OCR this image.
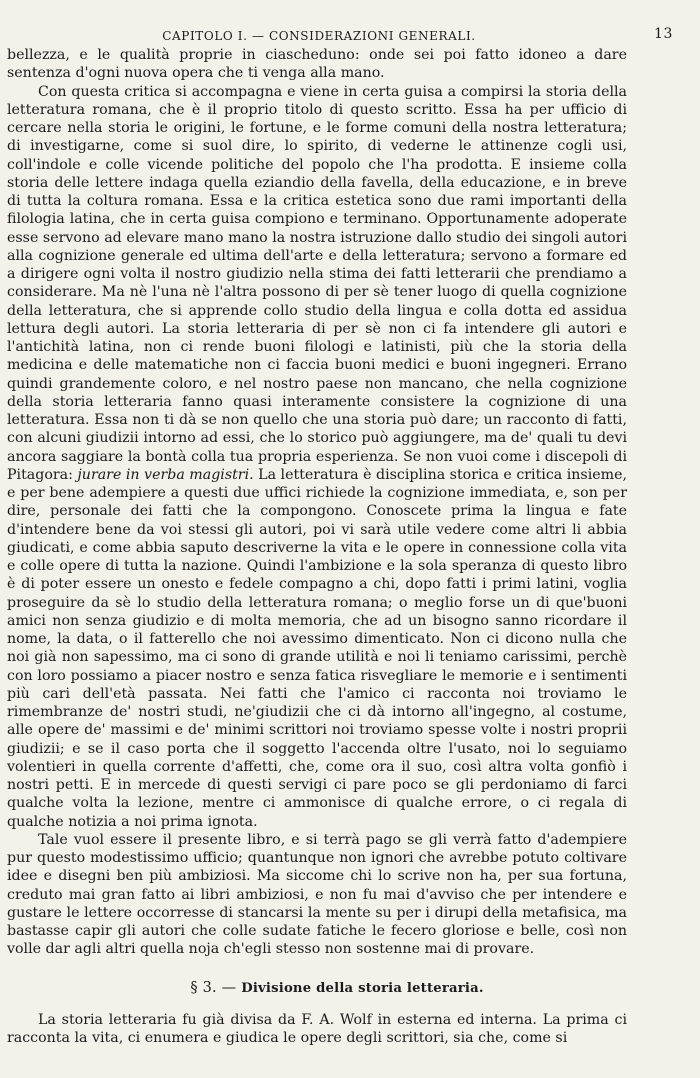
CAPITOLO I. — CONSIDERAZIONI GENERALI.	13

bellezza, e le qualità proprie in ciascheduno: onde sei poi fatto idoneo a dare sentenza d'ogni nuova opera che ti venga alla mano.

Con questa critica si accompagna e viene in certa guisa a compirsi la storia della letteratura romana, che è il proprio titolo di questo scritto. Essa ha per ufficio di cercare nella storia le origini, le fortune, e le forme comuni della nostra letteratura; di investigarne, come si suol dire, lo spirito, di vederne le attinenze cogli usi, coll'indole e colle vicende politiche del popolo che l'ha prodotta. E insieme colla storia delle lettere indaga quella eziandio della favella, della educazione, e in breve di tutta la coltura romana. Essa e la critica estetica sono due rami importanti della filologia latina, che in certa guisa compiono e terminano. Opportunamente adoperate esse servono ad elevare mano mano la nostra istruzione dallo studio dei singoli autori alla cognizione generale ed ultima dell'arte e della letteratura; servono a formare ed a dirigere ogni volta il nostro giudizio nella stima dei fatti letterarii che prendiamo a considerare. Ma nè l'una nè l'altra possono di per sè tener luogo di quella cognizione della letteratura, che si apprende collo studio della lingua e colla dotta ed assidua lettura degli autori. La storia letteraria di per sè non ci fa intendere gli autori e l'antichità latina, non ci rende buoni filologi e latinisti, più che la storia della medicina e delle matematiche non ci faccia buoni medici e buoni ingegneri. Errano quindi grandemente coloro, e nel nostro paese non mancano, che nella cognizione della storia letteraria fanno quasi interamente consistere la cognizione di una letteratura. Essa non ti dà se non quello che una storia può dare; un racconto di fatti, con alcuni giudizii intorno ad essi, che lo storico può aggiungere, ma de' quali tu devi ancora saggiare la bontà colla tua propria esperienza. Se non vuoi come i discepoli di Pitagora: jurare in verba magistri. La letteratura è disciplina storica e critica insieme, e per bene adempiere a questi due uffici richiede la cognizione immediata, e, son per dire, personale dei fatti che la compongono. Conoscete prima la lingua e fate d'intendere bene da voi stessi gli autori, poi vi sarà utile vedere come altri li abbia giudicati, e come abbia saputo descriverne la vita e le opere in connessione colla vita e colle opere di tutta la nazione. Quindi l'ambizione e la sola speranza di questo libro è di poter essere un onesto e fedele compagno a chi, dopo fatti i primi latini, voglia proseguire da sè lo studio della letteratura romana; o meglio forse un di que'buoni amici non senza giudizio e di molta memoria, che ad un bisogno sanno ricordare il nome, la data, o il fatterello che noi avessimo dimenticato. Non ci dicono nulla che noi già non sapessimo, ma ci sono di grande utilità e noi li teniamo carissimi, perchè con loro possiamo a piacer nostro e senza fatica risvegliare le memorie e i sentimenti più cari dell'età passata. Nei fatti che l'amico ci racconta noi troviamo le rimembranze de' nostri studi, ne'giudizii che ci dà intorno all'ingegno, al costume, alle opere de' massimi e de' minimi scrittori noi troviamo spesse volte i nostri proprii giudizii; e se il caso porta che il soggetto l'accenda oltre l'usato, noi lo seguiamo volentieri in quella corrente d'affetti, che, come ora il suo, così altra volta gonfiò i nostri petti. E in mercede di questi servigi ci pare poco se gli perdoniamo di farci qualche volta la lezione, mentre ci ammonisce di qualche errore, o ci regala di qualche notizia a noi prima ignota.

Tale vuol essere il presente libro, e si terrà pago se gli verrà fatto d'adempiere pur questo modestissimo ufficio; quantunque non ignori che avrebbe potuto coltivare idee e disegni ben più ambiziosi. Ma siccome chi lo scrive non ha, per sua fortuna, creduto mai gran fatto ai libri ambiziosi, e non fu mai d'avviso che per intendere e gustare le lettere occorresse di stancarsi la mente su per i dirupi della metafisica, ma bastasse capir gli autori che colle sudate fatiche le fecero gloriose e belle, così non volle dar agli altri quella noja ch'egli stesso non sostenne mai di provare.

§ 3. — Divisione della storia letteraria.

La storia letteraria fu già divisa da F. A. Wolf in esterna ed interna. La prima ci racconta la vita, ci enumera e giudica le opere degli scrittori, sia che, come si
